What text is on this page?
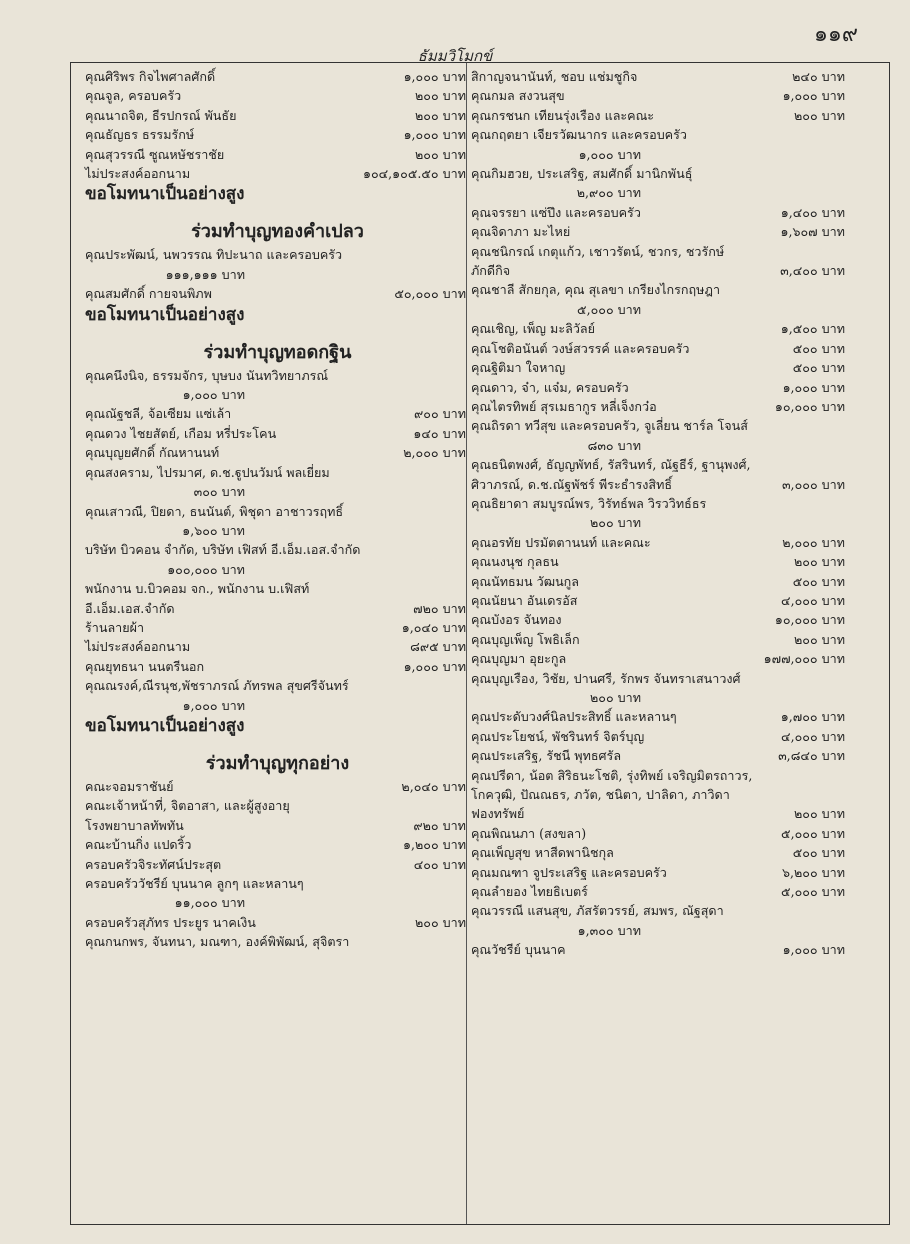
๑๑๙
ธัมมวิโมกข์
คุณศิริพร กิจไพศาลศักดิ์	๑,๐๐๐ บาท
คุณจูล, ครอบครัว	๒๐๐ บาท
คุณนาถจิต, ธีรปกรณ์ พันธัย	๒๐๐ บาท
คุณธัญธร ธรรมรักษ์	๑,๐๐๐ บาท
คุณสุวรรณี ซูณหษัชราชัย	๒๐๐ บาท
ไม่ประสงค์ออกนาม	๑๐๔,๑๐๕.๕๐ บาท
ขอโมทนาเป็นอย่างสูง
ร่วมทำบุญทองคำเปลว
คุณประพัฒน์, นพวรรณ ทิปะนาถ และครอบครัว
๑๑๑,๑๑๑ บาท
คุณสมศักดิ์ กายจนพิภพ	๕๐,๐๐๐ บาท
ขอโมทนาเป็นอย่างสูง
ร่วมทำบุญทอดกฐิน
คุณคนึงนิจ, ธรรมจักร, บุษบง นันทวิทยาภรณ์
๑,๐๐๐ บาท
คุณณัฐชลี, จ้อเซียม แซ่เล้า	๙๐๐ บาท
คุณดวง ไชยสัตย์, เกือม หรี่ประโคน	๑๔๐ บาท
คุณบุญยศักดิ์ กัณหานนท์	๒,๐๐๐ บาท
คุณสงคราม, ไปรมาศ, ด.ช.ฐูปนวัมน์ พลเยี่ยม
๓๐๐ บาท
คุณเสาวณี, ปิยดา, ธนนันต์, พิชุดา อาชาวรฤทธิ์
๑,๖๐๐ บาท
บริษัท บิวคอน จำกัด, บริษัท เฟิสท์ อี.เอ็ม.เอส.จำกัด
๑๐๐,๐๐๐ บาท
พนักงาน บ.บิวคอม จก., พนักงาน บ.เฟิสท์
อี.เอ็ม.เอส.จำกัด	๗๒๐ บาท
ร้านลายผ้า	๑,๐๔๐ บาท
ไม่ประสงค์ออกนาม	๘๙๕ บาท
คุณยุทธนา นนตรีนอก	๑,๐๐๐ บาท
คุณณรงค์,ณีรนุช,พัชราภรณ์ ภัทรพล สุขศรีจันทร์
๑,๐๐๐ บาท
ขอโมทนาเป็นอย่างสูง
ร่วมทำบุญทุกอย่าง
คณะจอมราชันย์	๒,๐๔๐ บาท
คณะเจ้าหน้าที่, จิตอาสา, และผู้สูงอายุ
โรงพยาบาลทัพทัน	๙๒๐ บาท
คณะบ้านกิ่ง แปดริ้ว	๑,๒๐๐ บาท
ครอบครัวจิระทัศน์ประสุต	๔๐๐ บาท
ครอบครัววัชรีย์ บุนนาค ลูกๆ และหลานๆ
๑๑,๐๐๐ บาท
ครอบครัวสุภัทร ประยูร นาคเงิน	๒๐๐ บาท
คุณกนกพร, จันทนา, มณฑา, องค์พิพัฒน์, สุจิตรา
สิกาญจนานันท์, ชอบ แช่มชูกิจ	๒๔๐ บาท
คุณกมล สงวนสุข	๑,๐๐๐ บาท
คุณกรชนก เทียนรุ่งเรือง และคณะ	๒๐๐ บาท
คุณกฤตยา เจียรวัฒนากร และครอบครัว
๑,๐๐๐ บาท
คุณกิมฮวย, ประเสริฐ, สมศักดิ์ มานิกพันธุ์
๒,๙๐๐ บาท
คุณจรรยา แซ่ปึง และครอบครัว	๑,๔๐๐ บาท
คุณจิดาภา มะไหย่	๑,๖๐๗ บาท
คุณชนิกรณ์ เกตุแก้ว, เชาวรัตน์, ชวกร, ชวรักษ์
ภักดีกิจ	๓,๔๐๐ บาท
คุณชาลี สักยกุล, คุณ สุเลขา เกรียงไกรกฤษฎา
๕,๐๐๐ บาท
คุณเชิญ, เพ็ญ มะลิวัลย์	๑,๕๐๐ บาท
คุณโชติอนันต์ วงษ์สวรรค์ และครอบครัว	๕๐๐ บาท
คุณฐิติมา ใจหาญ	๕๐๐ บาท
คุณดาว, จ๋า, แจ๋ม, ครอบครัว	๑,๐๐๐ บาท
คุณไตรทิพย์ สุรเมธากูร หลี่เจ็งกว๋อ	๑๐,๐๐๐ บาท
คุณถิรดา ทวีสุข และครอบครัว, จูเลี่ยน ชาร์ล โจนส์
๘๓๐ บาท
คุณธนิตพงศ์, ธัญญพัทธ์, รัสรินทร์, ณัฐธีร์, ฐานุพงศ์,
ศิวาภรณ์, ด.ช.ณัฐพัชร์ พีระธำรงสิทธิ์	๓,๐๐๐ บาท
คุณธิยาดา สมบูรณ์พร, วิรัทธ์พล วิรววิทธ์ธร
๒๐๐ บาท
คุณอรทัย ปรมัตตานนท์ และคณะ	๒,๐๐๐ บาท
คุณนงนุช กุลธน	๒๐๐ บาท
คุณนัทธมน วัฒนกูล	๕๐๐ บาท
คุณนัยนา อันเดรอัส	๔,๐๐๐ บาท
คุณบังอร จันทอง	๑๐,๐๐๐ บาท
คุณบุญเพ็ญ โพธิเล็ก	๒๐๐ บาท
คุณบุญมา อุยะกูล	๑๗๗,๐๐๐ บาท
คุณบุญเรือง, วิชัย, ปานศรี, รักพร จันทราเสนาวงศ์
๒๐๐ บาท
คุณประดับวงศ์นิลประสิทธิ์ และหลานๆ	๑,๗๐๐ บาท
คุณประโยชน์, พัชรินทร์ จิตร์บุญ	๔,๐๐๐ บาท
คุณประเสริฐ, รัชนี พุทธศรัล	๓,๘๔๐ บาท
คุณปรีดา, น้อต สิริธนะโชติ, รุ่งทิพย์ เจริญมิตรถาวร,
โกควุฒิ, ปัณณธร, ภวัต, ชนิตา, ปาลิดา, ภาวิดา
ฟองทรัพย์	๒๐๐ บาท
คุณพิณนภา (สงขลา)	๕,๐๐๐ บาท
คุณเพ็ญสุข หาสีดพานิชกุล	๕๐๐ บาท
คุณมณฑา จูประเสริฐ และครอบครัว	๖,๒๐๐ บาท
คุณลำยอง ไทยธิเบตร์	๕,๐๐๐ บาท
คุณวรรณี แสนสุข, ภัสรัตวรรย์, สมพร, ณัฐสุดา
๑,๓๐๐ บาท
คุณวัชรีย์ บุนนาค	๑,๐๐๐ บาท
